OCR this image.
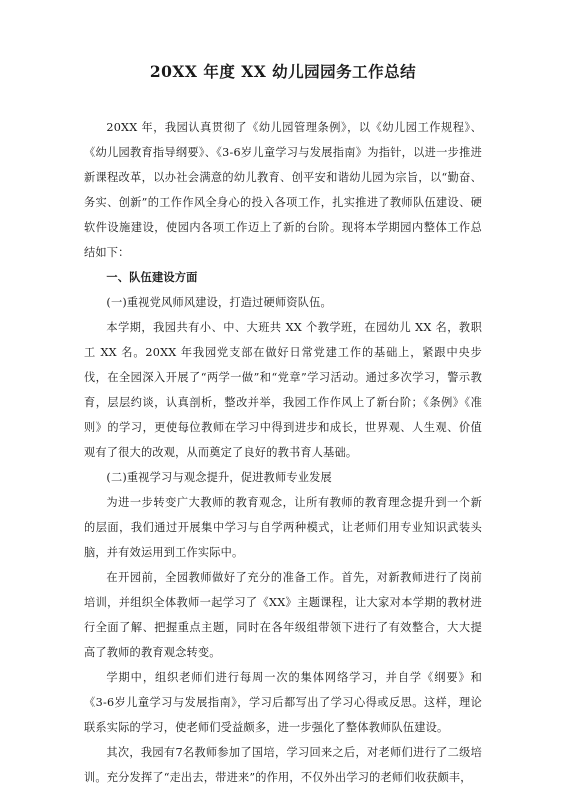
20XX 年度 XX 幼儿园园务工作总结

20XX 年，我园认真贯彻了《幼儿园管理条例》，以《幼儿园工作规程》、《幼儿园教育指导纲要》、《3-6岁儿童学习与发展指南》为指针，以进一步推进新课程改革，以办社会满意的幼儿教育、创平安和谐幼儿园为宗旨，以“勤奋、务实、创新”的工作作风全身心的投入各项工作，扎实推进了教师队伍建设、硬软件设施建设，使园内各项工作迈上了新的台阶。现将本学期园内整体工作总结如下：

一、队伍建设方面

(一)重视党风师风建设，打造过硬师资队伍。

本学期，我园共有小、中、大班共 XX 个教学班，在园幼儿 XX 名，教职工 XX 名。20XX 年我园党支部在做好日常党建工作的基础上，紧跟中央步伐，在全园深入开展了“两学一做”和“党章”学习活动。通过多次学习，警示教育，层层约谈，认真剖析，整改并举，我园工作作风上了新台阶；《条例》《准则》的学习，更使每位教师在学习中得到进步和成长，世界观、人生观、价值观有了很大的改观，从而奠定了良好的教书育人基础。

(二)重视学习与观念提升，促进教师专业发展

为进一步转变广大教师的教育观念，让所有教师的教育理念提升到一个新的层面，我们通过开展集中学习与自学两种模式，让老师们用专业知识武装头脑，并有效运用到工作实际中。

在开园前，全园教师做好了充分的准备工作。首先，对新教师进行了岗前培训，并组织全体教师一起学习了《XX》主题课程，让大家对本学期的教材进行全面了解、把握重点主题，同时在各年级组带领下进行了有效整合，大大提高了教师的教育观念转变。

学期中，组织老师们进行每周一次的集体网络学习，并自学《纲要》和《3-6岁儿童学习与发展指南》，学习后都写出了学习心得或反思。这样，理论联系实际的学习，使老师们受益颇多，进一步强化了整体教师队伍建设。

其次，我园有7名教师参加了国培，学习回来之后，对老师们进行了二级培训。充分发挥了“走出去，带进来”的作用，不仅外出学习的老师们收获颇丰，
